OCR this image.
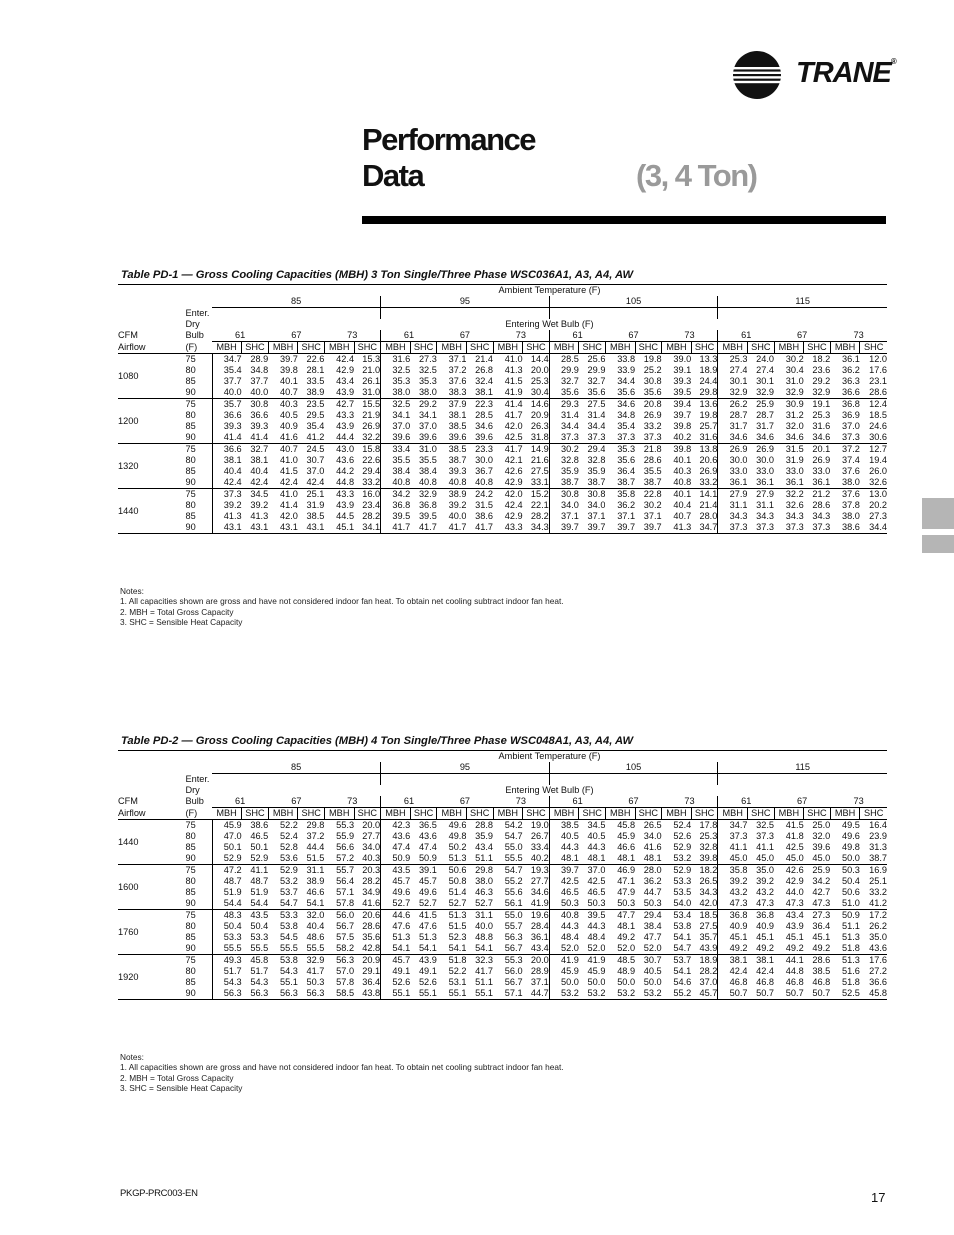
TRANE®
Performance
Data	(3, 4 Ton)
Table PD-1 — Gross Cooling Capacities (MBH) 3 Ton Single/Three Phase WSC036A1, A3, A4, AW
Table PD-2 — Gross Cooling Capacities (MBH) 4 Ton Single/Three Phase WSC048A1, A3, A4, AW
		Ambient Temperature (F)																							
		85						95						105						115					
	Enter.																								
	Dry	Entering Wet Bulb (F)																							
CFM	Bulb	61		67		73		61		67		73		61		67		73		61		67		73	
Airflow	(F)	MBH	SHC	MBH	SHC	MBH	SHC	MBH	SHC	MBH	SHC	MBH	SHC	MBH	SHC	MBH	SHC	MBH	SHC	MBH	SHC	MBH	SHC	MBH	SHC
1080	75	34.7	28.9	39.7	22.6	42.4	15.3	31.6	27.3	37.1	21.4	41.0	14.4	28.5	25.6	33.8	19.8	39.0	13.3	25.3	24.0	30.2	18.2	36.1	12.0
	80	35.4	34.8	39.8	28.1	42.9	21.0	32.5	32.5	37.2	26.8	41.3	20.0	29.9	29.9	33.9	25.2	39.1	18.9	27.4	27.4	30.4	23.6	36.2	17.6
	85	37.7	37.7	40.1	33.5	43.4	26.1	35.3	35.3	37.6	32.4	41.5	25.3	32.7	32.7	34.4	30.8	39.3	24.4	30.1	30.1	31.0	29.2	36.3	23.1
	90	40.0	40.0	40.7	38.9	43.9	31.0	38.0	38.0	38.3	38.1	41.9	30.4	35.6	35.6	35.6	35.6	39.5	29.8	32.9	32.9	32.9	32.9	36.6	28.6
1200	75	35.7	30.8	40.3	23.5	42.7	15.5	32.5	29.2	37.9	22.3	41.4	14.6	29.3	27.5	34.6	20.8	39.4	13.6	26.2	25.9	30.9	19.1	36.8	12.4
	80	36.6	36.6	40.5	29.5	43.3	21.9	34.1	34.1	38.1	28.5	41.7	20.9	31.4	31.4	34.8	26.9	39.7	19.8	28.7	28.7	31.2	25.3	36.9	18.5
	85	39.3	39.3	40.9	35.4	43.9	26.9	37.0	37.0	38.5	34.6	42.0	26.3	34.4	34.4	35.4	33.2	39.8	25.7	31.7	31.7	32.0	31.6	37.0	24.6
	90	41.4	41.4	41.6	41.2	44.4	32.2	39.6	39.6	39.6	39.6	42.5	31.8	37.3	37.3	37.3	37.3	40.2	31.6	34.6	34.6	34.6	34.6	37.3	30.6
1320	75	36.6	32.7	40.7	24.5	43.0	15.8	33.4	31.0	38.5	23.3	41.7	14.9	30.2	29.4	35.3	21.8	39.8	13.8	26.9	26.9	31.5	20.1	37.2	12.7
	80	38.1	38.1	41.0	30.7	43.6	22.6	35.5	35.5	38.7	30.0	42.1	21.6	32.8	32.8	35.6	28.6	40.1	20.6	30.0	30.0	31.9	26.9	37.4	19.4
	85	40.4	40.4	41.5	37.0	44.2	29.4	38.4	38.4	39.3	36.7	42.6	27.5	35.9	35.9	36.4	35.5	40.3	26.9	33.0	33.0	33.0	33.0	37.6	26.0
	90	42.4	42.4	42.4	42.4	44.8	33.2	40.8	40.8	40.8	40.8	42.9	33.1	38.7	38.7	38.7	38.7	40.8	33.2	36.1	36.1	36.1	36.1	38.0	32.6
1440	75	37.3	34.5	41.0	25.1	43.3	16.0	34.2	32.9	38.9	24.2	42.0	15.2	30.8	30.8	35.8	22.8	40.1	14.1	27.9	27.9	32.2	21.2	37.6	13.0
	80	39.2	39.2	41.4	31.9	43.9	23.4	36.8	36.8	39.2	31.5	42.4	22.1	34.0	34.0	36.2	30.2	40.4	21.4	31.1	31.1	32.6	28.6	37.8	20.2
	85	41.3	41.3	42.0	38.5	44.5	28.2	39.5	39.5	40.0	38.6	42.9	28.2	37.1	37.1	37.1	37.1	40.7	28.0	34.3	34.3	34.3	34.3	38.0	27.3
	90	43.1	43.1	43.1	43.1	45.1	34.1	41.7	41.7	41.7	41.7	43.3	34.3	39.7	39.7	39.7	39.7	41.3	34.7	37.3	37.3	37.3	37.3	38.6	34.4
Notes:
1. All capacities shown are gross and have not considered indoor fan heat. To obtain net cooling subtract indoor fan heat.
2. MBH = Total Gross Capacity
3. SHC = Sensible Heat Capacity
		Ambient Temperature (F)																							
		85						95						105						115					
	Enter.																								
	Dry	Entering Wet Bulb (F)																							
CFM	Bulb	61		67		73		61		67		73		61		67		73		61		67		73	
Airflow	(F)	MBH	SHC	MBH	SHC	MBH	SHC	MBH	SHC	MBH	SHC	MBH	SHC	MBH	SHC	MBH	SHC	MBH	SHC	MBH	SHC	MBH	SHC	MBH	SHC
1440	75	45.9	38.6	52.2	29.8	55.3	20.0	42.3	36.5	49.6	28.8	54.2	19.0	38.5	34.5	45.8	26.5	52.4	17.8	34.7	32.5	41.5	25.0	49.5	16.4
	80	47.0	46.5	52.4	37.2	55.9	27.7	43.6	43.6	49.8	35.9	54.7	26.7	40.5	40.5	45.9	34.0	52.6	25.3	37.3	37.3	41.8	32.0	49.6	23.9
	85	50.1	50.1	52.8	44.4	56.6	34.0	47.4	47.4	50.2	43.4	55.0	33.4	44.3	44.3	46.6	41.6	52.9	32.8	41.1	41.1	42.5	39.6	49.8	31.3
	90	52.9	52.9	53.6	51.5	57.2	40.3	50.9	50.9	51.3	51.1	55.5	40.2	48.1	48.1	48.1	48.1	53.2	39.8	45.0	45.0	45.0	45.0	50.0	38.7
1600	75	47.2	41.1	52.9	31.1	55.7	20.3	43.5	39.1	50.6	29.8	54.7	19.3	39.7	37.0	46.9	28.0	52.9	18.2	35.8	35.0	42.6	25.9	50.3	16.9
	80	48.7	48.7	53.2	38.9	56.4	28.2	45.7	45.7	50.8	38.0	55.2	27.7	42.5	42.5	47.1	36.2	53.3	26.5	39.2	39.2	42.9	34.2	50.4	25.1
	85	51.9	51.9	53.7	46.6	57.1	34.9	49.6	49.6	51.4	46.3	55.6	34.6	46.5	46.5	47.9	44.7	53.5	34.3	43.2	43.2	44.0	42.7	50.6	33.2
	90	54.4	54.4	54.7	54.1	57.8	41.6	52.7	52.7	52.7	52.7	56.1	41.9	50.3	50.3	50.3	50.3	54.0	42.0	47.3	47.3	47.3	47.3	51.0	41.2
1760	75	48.3	43.5	53.3	32.0	56.0	20.6	44.6	41.5	51.3	31.1	55.0	19.6	40.8	39.5	47.7	29.4	53.4	18.5	36.8	36.8	43.4	27.3	50.9	17.2
	80	50.4	50.4	53.8	40.4	56.7	28.6	47.6	47.6	51.5	40.0	55.7	28.4	44.3	44.3	48.1	38.4	53.8	27.5	40.9	40.9	43.9	36.4	51.1	26.2
	85	53.3	53.3	54.5	48.6	57.5	35.6	51.3	51.3	52.3	48.8	56.3	36.1	48.4	48.4	49.2	47.7	54.1	35.7	45.1	45.1	45.1	45.1	51.3	35.0
	90	55.5	55.5	55.5	55.5	58.2	42.8	54.1	54.1	54.1	54.1	56.7	43.4	52.0	52.0	52.0	52.0	54.7	43.9	49.2	49.2	49.2	49.2	51.8	43.6
1920	75	49.3	45.8	53.8	32.9	56.3	20.9	45.7	43.9	51.8	32.3	55.3	20.0	41.9	41.9	48.5	30.7	53.7	18.9	38.1	38.1	44.1	28.6	51.3	17.6
	80	51.7	51.7	54.3	41.7	57.0	29.1	49.1	49.1	52.2	41.7	56.0	28.9	45.9	45.9	48.9	40.5	54.1	28.2	42.4	42.4	44.8	38.5	51.6	27.2
	85	54.3	54.3	55.1	50.3	57.8	36.4	52.6	52.6	53.1	51.1	56.7	37.1	50.0	50.0	50.0	50.0	54.6	37.0	46.8	46.8	46.8	46.8	51.8	36.6
	90	56.3	56.3	56.3	56.3	58.5	43.8	55.1	55.1	55.1	55.1	57.1	44.7	53.2	53.2	53.2	53.2	55.2	45.7	50.7	50.7	50.7	50.7	52.5	45.8
Notes:
1. All capacities shown are gross and have not considered indoor fan heat. To obtain net cooling subtract indoor fan heat.
2. MBH = Total Gross Capacity
3. SHC = Sensible Heat Capacity
PKGP-PRC003-EN	17
